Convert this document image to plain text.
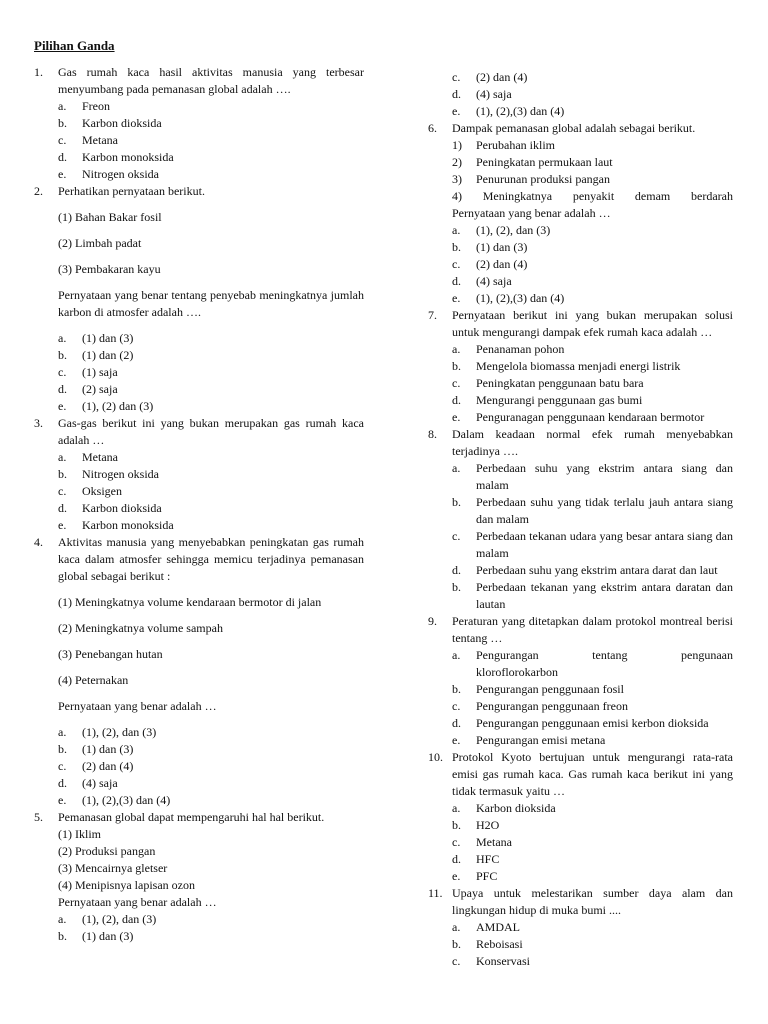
Pilihan Ganda
1. Gas rumah kaca hasil aktivitas manusia yang terbesar menyumbang pada pemanasan global adalah ….
a. Freon
b. Karbon dioksida
c. Metana
d. Karbon monoksida
e. Nitrogen oksida
2. Perhatikan pernyataan berikut.
(1) Bahan Bakar fosil
(2) Limbah padat
(3) Pembakaran kayu
Pernyataan yang benar tentang penyebab meningkatnya jumlah karbon di atmosfer adalah ….
a. (1) dan (3)
b. (1) dan (2)
c. (1) saja
d. (2) saja
e. (1), (2) dan (3)
3. Gas-gas berikut ini yang bukan merupakan gas rumah kaca adalah …
a. Metana
b. Nitrogen oksida
c. Oksigen
d. Karbon dioksida
e. Karbon monoksida
4. Aktivitas manusia yang menyebabkan peningkatan gas rumah kaca dalam atmosfer sehingga memicu terjadinya pemanasan global sebagai berikut :
(1) Meningkatnya volume kendaraan bermotor di jalan
(2) Meningkatnya volume sampah
(3) Penebangan hutan
(4) Peternakan
Pernyataan yang benar adalah …
a. (1), (2), dan (3)
b. (1) dan (3)
c. (2) dan (4)
d. (4) saja
e. (1), (2),(3) dan (4)
5. Pemanasan global dapat mempengaruhi hal hal berikut.
(1) Iklim
(2) Produksi pangan
(3) Mencairnya gletser
(4) Menipisnya lapisan ozon
Pernyataan yang benar adalah …
a. (1), (2), dan (3)
b. (1) dan (3)
c. (2) dan (4)
d. (4) saja
e. (1), (2),(3) dan (4)
6. Dampak pemanasan global adalah sebagai berikut.
1) Perubahan iklim
2) Peningkatan permukaan laut
3) Penurunan produksi pangan
4) Meningkatnya penyakit demam berdarah
Pernyataan yang benar adalah …
a. (1), (2), dan (3)
b. (1) dan (3)
c. (2) dan (4)
d. (4) saja
e. (1), (2),(3) dan (4)
7. Pernyataan berikut ini yang bukan merupakan solusi untuk mengurangi dampak efek rumah kaca adalah …
a. Penanaman pohon
b. Mengelola biomassa menjadi energi listrik
c. Peningkatan penggunaan batu bara
d. Mengurangi penggunaan gas bumi
e. Penguranagan penggunaan kendaraan bermotor
8. Dalam keadaan normal efek rumah menyebabkan terjadinya ….
a. Perbedaan suhu yang ekstrim antara siang dan malam
b. Perbedaan suhu yang tidak terlalu jauh antara siang dan malam
c. Perbedaan tekanan udara yang besar antara siang dan malam
d. Perbedaan suhu yang ekstrim antara darat dan laut
b. Perbedaan tekanan yang ekstrim antara daratan dan lautan
9. Peraturan yang ditetapkan dalam protokol montreal berisi tentang …
a. Pengurangan tentang pengunaan
kloroflorokarbon
b. Pengurangan penggunaan fosil
c. Pengurangan penggunaan freon
d. Pengurangan penggunaan emisi kerbon dioksida
e. Pengurangan emisi metana
10. Protokol Kyoto bertujuan untuk mengurangi rata-rata emisi gas rumah kaca. Gas rumah kaca berikut ini yang tidak termasuk yaitu …
a. Karbon dioksida
b. H2O
c. Metana
d. HFC
e. PFC
11. Upaya untuk melestarikan sumber daya alam dan lingkungan hidup di muka bumi ....
a. AMDAL
b. Reboisasi
c. Konservasi
